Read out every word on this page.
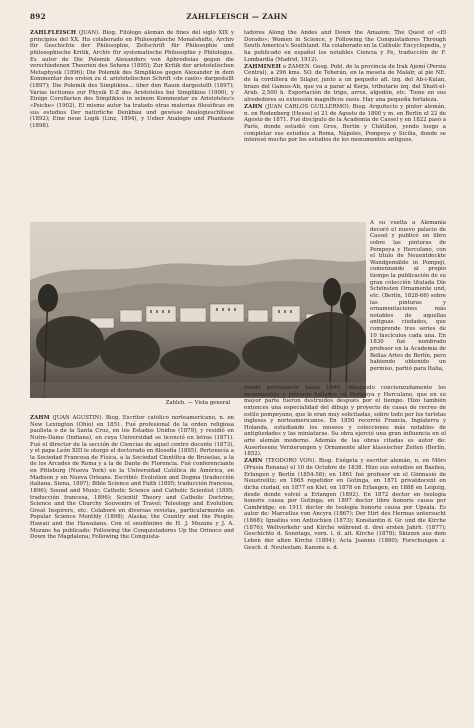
892	ZAHLFLEISCH — ZAHN

ZAHLFLEISCH (JUAN). Biog. Filólogo alemán de fines del siglo XIX y principios del XX. Ha colaborado en Philosophische Monatshefte, Archiv für Geschichte der Philosophie, Zeitschrift für Philosophie und philosophische Kritik, Archiv für systematische Philosophie y Philologus. Es autor de Die Polemik Alexanders von Aphrodisias gegen die verschiedenen Theorien des Sehens (1895); Zur Kritik der aristotelischen Metaphysik (1896); Die Polemik des Simplikios gegen Alexander in dem Kommentar des ersten zu d. aristotelischen Schrift «de caelo» dargestellt (1897); Die Polemik des Simplikios... über den Raum dargestellt (1897); Varias lectiones zur Physik E-Z des Aristoteles bei Simplikios (1900), y Einige Corollarien des Simplikios in seinem Kommentar zu Aristoteles's «Psiche» (1902). El mismo autor ha tratado otras materias filosóficas en sus estudios Der natürliche Denkbau und gewisse Analogieschlüsse (1892); Eine neue Logik (Linz, 1894), y Ueber Analogie und Phantasie (1898).

tadores Along the Andes and Down the Amazon; The Quest of «El Dorado»; Women in Science, y Following the Conquistadores Through South America's Southland. Ha colaborado en la Catholic Encyclopedia, y ha publicado en español los notables Ciencia y Fe, traducción de F. Lombardía (Madrid, 1912).

ZAHMINEH o ZAMEN. Geog. Pobl. de la provincia de Irak Ajemí (Persia Central), a 296 kms. SO. de Teherán, en la meseta de Malaïr, al pie NE. de la cordillera de Silajor, junto a un pequeño afl. izq. del Ab-i-Kulan, brazo del Gamus-Ab, que va a parar al Kerja, tributario izq. del Shatt-el-Arab. 2,500 h. Exportación de trigo, arroz, algodón, etc. Tiene en sus alrededores su extensión magníficos oasis. Hay una pequeña fortaleza.

ZAHN (JUAN CARLOS GUILLERMO). Biog. Arquitecto y pintor alemán, n. en Rodenberg (Hesse) el 21 de Agosto de 1800 y m. en Berlín el 22 de Agosto de 1871. Fué discípulo de la Academia de Cassel y en 1822 pasó a París, donde estudió con Gros, Bertin y Châtillon, yendo luego a completar sus estudios a Roma, Nápoles, Pompeya y Sicilia, donde se interesó mucho por los estudios de los monumentos antiguos.

Zahleh. — Vista general

A su vuelta a Alemania decoró el nuevo palacio de Cassel y publicó un libro sobre las pinturas de Pompeya y Herculano, con el título de Neuentdeckte Wandgemälde in Pompeji, comenzando al propio tiempo la publicación de su gran colección titulada Die Schönsten Ornamente und, etc. (Berlín, 1828-66) sobre las pinturas y ornamentaciones más notables de aquellas antiguas ciudades, que comprende tres series de 10 fascículos cada una. En 1830 fué nombrado profesor en la Academia de Bellas Artes de Berlín, pero habiendo obtenido un permiso, partió para Italia,

ZAHM (JUAN AGUSTÍN). Biog. Escritor católico norteamericano, n. en New Lexington (Ohío) en 1851. Fué profesional de la orden religiosa paulista o de la Santa Cruz, en los Estados Unidos (1879), y residió en Nutre-Dame (Indiana), en cuya Universidad se licenció en letras (1871). Fué el director de la sección de Ciencias de aquel centro docente (1873), y el papa León XIII le otorgó el doctorado en filosofía (1895). Pertenecía a la Sociedad Francesa de Física, a la Sociedad Científica de Bruselas, a la de los Arcades de Roma y a la de Dante de Florencia. Fué conferenciante en Pittsburg (Nueva York) en la Universidad Católica de América, en Madison y en Nueva Orleans. Escribió: Evolution and Dogma (traducción italiana, Siena, 1897); Bible Science and Faith (1895; traducción francesa, 1896); Sound and Music; Catholic Science and Catholic Scientist (1895; traducción francesa, 1896); Scientif Theory and Catholic Doctrine; Science and the Churchy Souvenirs of Travel; Teleology and Evolution; Great Inspirers, etc. Colaboró en diversas revistas, particularmente en Popular Science Monthly (1898); Alaska; the Country and the People; Hawaii and the Hawaiians. Con el seudónimo de H. J. Mozans y J. A. Mozans ha publicado: Following the Conquistadores Up the Orinoco and Down the Magdalena; Following the Conquista-

donde permaneció hasta 1840, dibujando concienzudamente los monumentos y pinturas hallados en Pompeya y Herculano, que en su mayor parte fueron destruídos después por el tiempo. Hizo también entonces una especialidad del dibujo y proyecto de casas de recreo de estilo pompeyano, que le eran muy solicitadas, sobre todo por los turistas ingleses y norteamericanos. En 1850 recorrió Francia, Inglaterra y Holanda, estudiando los museos y colecciones más notables de antigüedades y las miniaturas. Su obra ejerció una gran influencia en el arte alemán moderno. Además de las obras citadas es autor de: Auserlesene Verzierungen y Ornamente aller klassischer Zeiten (Berlín, 1852).

ZAHN (TEODORO VON). Biog. Exégeta y escritor alemán, n. en Mörs (Prusia Renana) el 10 de Octubre de 1838. Hizo sus estudios en Basilea, Erlangen y Berlín (1854-58); en 1861 fué profesor en el Gimnasio de Neustrelitz; en 1865 repetidor en Gotinga, en 1871 privatdocent en dicha ciudad, en 1877 en Kiel, en 1878 en Erlangen, en 1888 en Leipzig, desde donde volvió a Erlangen (1892). En 1872 doctor en teología honoris causa por Gotinga; en 1897 doctor libre honoris causa por Cambridge; en 1911 doctor de teología honoris causa por Upsala. Es autor de: Marcellus von Ancyra (1867); Der Hirt des Hermas untersucht (1868); Ignatius von Antiochien (1873); Konstantin d. Gr. und die Kirche (1876); Weltverkehr und Kirche während d. drei ersten Jahrh. (1877); Geschichte d. Sonntags, vorn. i. d. alt. Kirche (1878); Skizzen aus dem Leben der alten Kirche (1894); Acta Joannis (1880); Forschungen z. Gesch. d. Neutestam. Kanons u. d.
